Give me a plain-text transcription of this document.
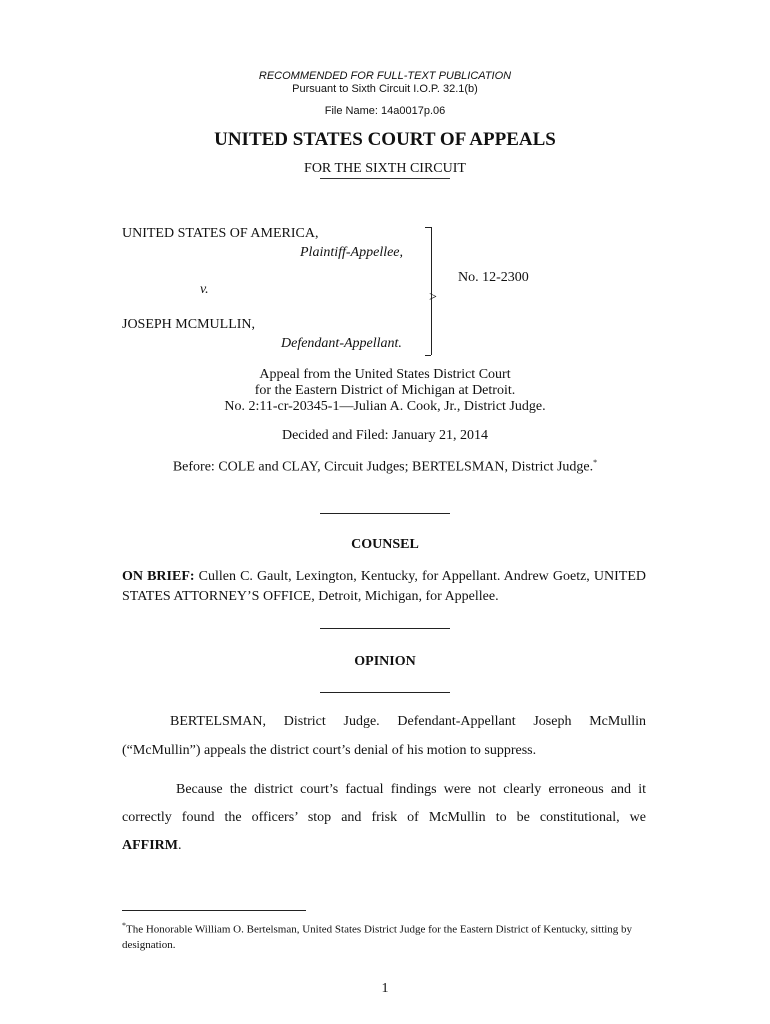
RECOMMENDED FOR FULL-TEXT PUBLICATION
Pursuant to Sixth Circuit I.O.P. 32.1(b)
File Name: 14a0017p.06
UNITED STATES COURT OF APPEALS
FOR THE SIXTH CIRCUIT
UNITED STATES OF AMERICA,
Plaintiff-Appellee,
v.
JOSEPH MCMULLIN,
Defendant-Appellant.
>
No. 12-2300
Appeal from the United States District Court
for the Eastern District of Michigan at Detroit.
No. 2:11-cr-20345-1—Julian A. Cook, Jr., District Judge.
Decided and Filed: January 21, 2014
Before: COLE and CLAY, Circuit Judges; BERTELSMAN, District Judge.*
COUNSEL
ON BRIEF: Cullen C. Gault, Lexington, Kentucky, for Appellant. Andrew Goetz, UNITED STATES ATTORNEY’S OFFICE, Detroit, Michigan, for Appellee.
OPINION
BERTELSMAN, District Judge. Defendant-Appellant Joseph McMullin
(“McMullin”) appeals the district court’s denial of his motion to suppress.
Because the district court’s factual findings were not clearly erroneous and it
correctly found the officers’ stop and frisk of McMullin to be constitutional, we
AFFIRM.
*The Honorable William O. Bertelsman, United States District Judge for the Eastern District of Kentucky, sitting by designation.
1
